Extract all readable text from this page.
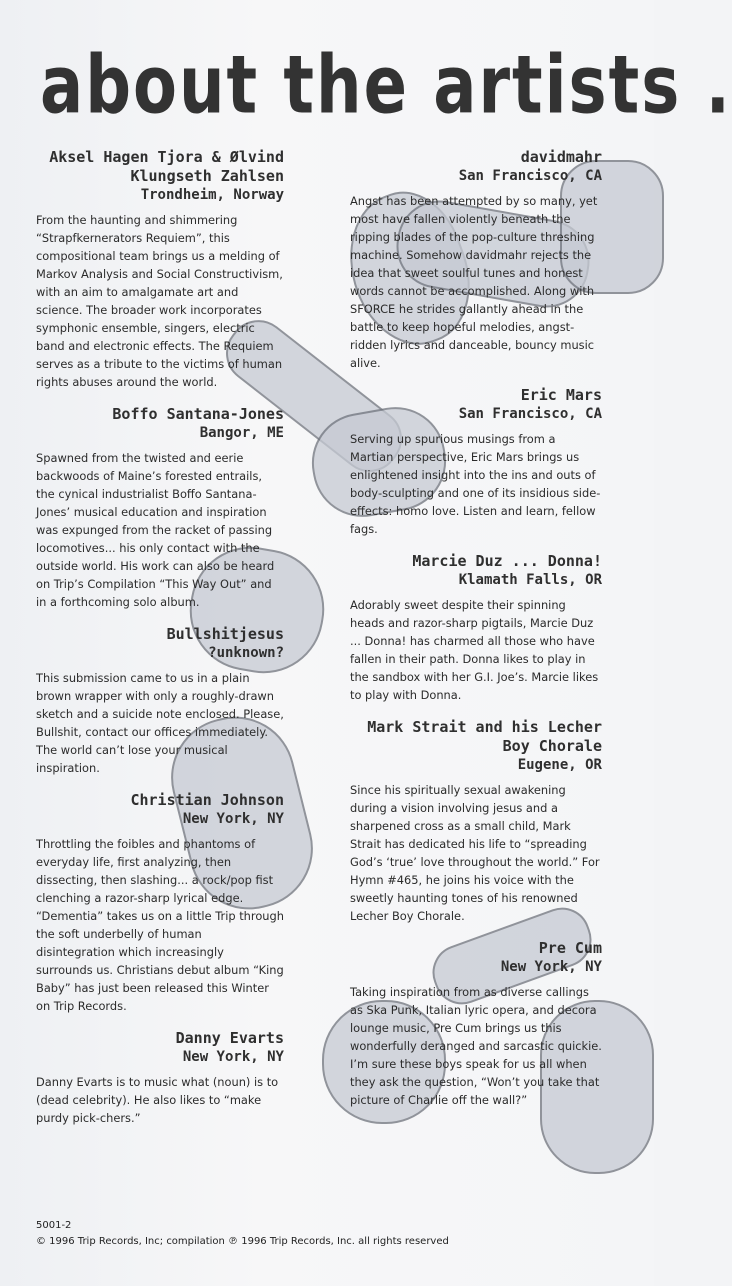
about the artists .
Aksel Hagen Tjora & Ølvind Klungseth Zahlsen
Trondheim, Norway
From the haunting and shimmering “Strapfkernerators Requiem”, this compositional team brings us a melding of Markov Analysis and Social Constructivism, with an aim to amalgamate art and science. The broader work incorporates symphonic ensemble, singers, electric band and electronic effects. The Requiem serves as a tribute to the victims of human rights abuses around the world.
Boffo Santana-Jones
Bangor, ME
Spawned from the twisted and eerie backwoods of Maine’s forested entrails, the cynical industrialist Boffo Santana-Jones’ musical education and inspiration was expunged from the racket of passing locomotives... his only contact with the outside world. His work can also be heard on Trip’s Compilation “This Way Out” and in a forthcoming solo album.
Bullshitjesus
?unknown?
This submission came to us in a plain brown wrapper with only a roughly-drawn sketch and a suicide note enclosed. Please, Bullshit, contact our offices immediately. The world can’t lose your musical inspiration.
Christian Johnson
New York, NY
Throttling the foibles and phantoms of everyday life, first analyzing, then dissecting, then slashing... a rock/pop fist clenching a razor-sharp lyrical edge. “Dementia” takes us on a little Trip through the soft underbelly of human disintegration which increasingly surrounds us. Christians debut album “King Baby” has just been released this Winter on Trip Records.
Danny Evarts
New York, NY
Danny Evarts is to music what (noun) is to (dead celebrity). He also likes to “make purdy pick-chers.”
davidmahr
San Francisco, CA
Angst has been attempted by so many, yet most have fallen violently beneath the ripping blades of the pop-culture threshing machine. Somehow davidmahr rejects the idea that sweet soulful tunes and honest words cannot be accomplished. Along with SFORCE he strides gallantly ahead in the battle to keep hopeful melodies, angst-ridden lyrics and danceable, bouncy music alive.
Eric Mars
San Francisco, CA
Serving up spurious musings from a Martian perspective, Eric Mars brings us enlightened insight into the ins and outs of body-sculpting and one of its insidious side-effects: homo love. Listen and learn, fellow fags.
Marcie Duz ... Donna!
Klamath Falls, OR
Adorably sweet despite their spinning heads and razor-sharp pigtails, Marcie Duz ... Donna! has charmed all those who have fallen in their path. Donna likes to play in the sandbox with her G.I. Joe’s. Marcie likes to play with Donna.
Mark Strait and his Lecher Boy Chorale
Eugene, OR
Since his spiritually sexual awakening during a vision involving jesus and a sharpened cross as a small child, Mark Strait has dedicated his life to “spreading God’s ‘true’ love throughout the world.” For Hymn #465, he joins his voice with the sweetly haunting tones of his renowned Lecher Boy Chorale.
Pre Cum
New York, NY
Taking inspiration from as diverse callings as Ska Punk, Italian lyric opera, and decora lounge music, Pre Cum brings us this wonderfully deranged and sarcastic quickie. I’m sure these boys speak for us all when they ask the question, “Won’t you take that picture of Charlie off the wall?”
5001-2
© 1996 Trip Records, Inc; compilation ℗ 1996 Trip Records, Inc. all rights reserved
